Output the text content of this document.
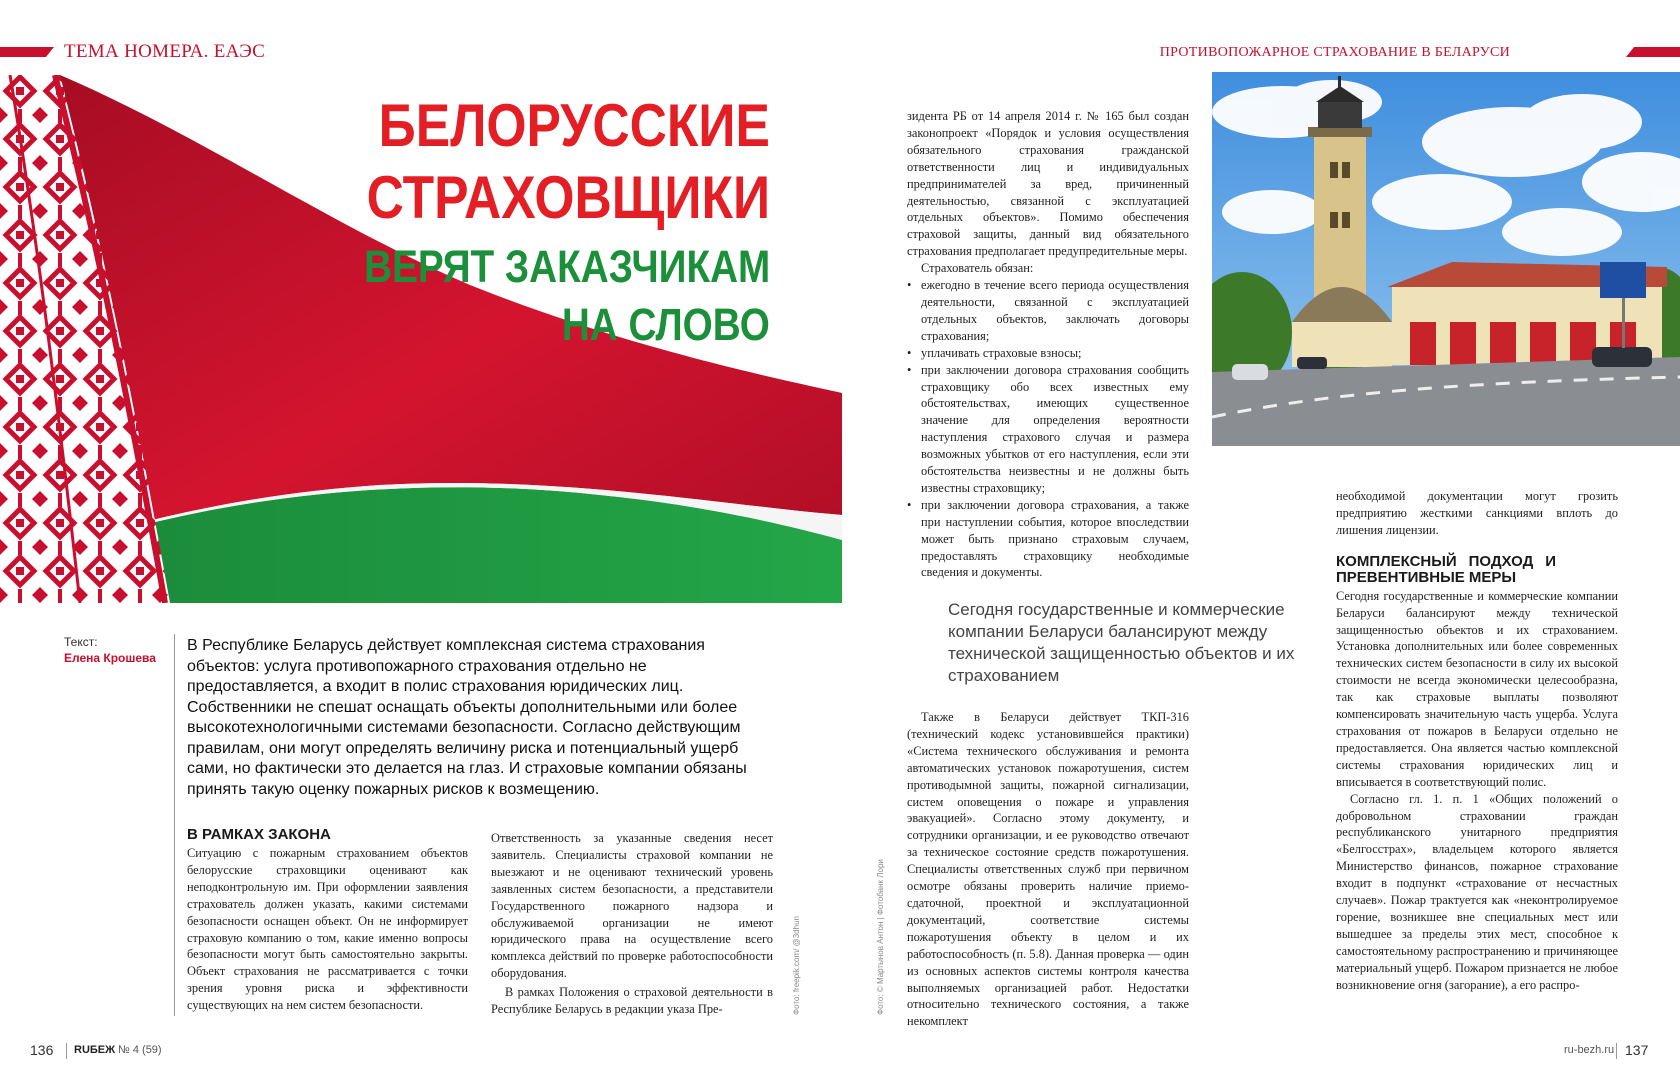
ТЕМА НОМЕРА. ЕАЭС	ПРОТИВОПОЖАРНОЕ СТРАХОВАНИЕ В БЕЛАРУСИ
БЕЛОРУССКИЕ
СТРАХОВЩИКИ
ВЕРЯТ ЗАКАЗЧИКАМ
НА СЛОВО
Текст:
Елена Крошева
В Республике Беларусь действует комплексная система страхования объектов: услуга противопожарного страхования отдельно не предоставляется, а входит в полис страхования юридических лиц. Собственники не спешат оснащать объекты дополнительными или более высокотехнологичными системами безопасности. Согласно действующим правилам, они могут определять величину риска и потенциальный ущерб сами, но фактически это делается на глаз. И страховые компании обязаны принять такую оценку пожарных рисков к возмещению.
В РАМКАХ ЗАКОНА

Ситуацию с пожарным страхованием объектов белорусские страховщики оценивают как неподконтрольную им. При оформлении заявления страхователь должен указать, какими системами безопасности оснащен объект. Он не информирует страховую компанию о том, какие именно вопросы безопасности могут быть самостоятельно закрыты. Объект страхования не рассматривается с точки зрения уровня риска и эффективности существующих на нем систем безопасности.

Ответственность за указанные сведения несет заявитель. Специалисты страховой компании не выезжают и не оценивают технический уровень заявленных систем безопасности, а представители Государственного пожарного надзора и обслуживаемой организации не имеют юридического права на осуществление всего комплекса действий по проверке работоспособности оборудования.

В рамках Положения о страховой деятельности в Республике Беларусь в редакции указа Пре-	Фото: freepik.com/ @3dhun	Фото: © Мартынов Антон | Фотобанк Лори

зидента РБ от 14 апреля 2014 г. № 165 был создан законопроект «Порядок и условия осуществления обязательного страхования гражданской ответственности лиц и индивидуальных предпринимателей за вред, причиненный деятельностью, связанной с эксплуатацией отдельных объектов». Помимо обеспечения страховой защиты, данный вид обязательного страхования предполагает предупредительные меры.

Страхователь обязан:

• ежегодно в течение всего периода осуществления деятельности, связанной с эксплуатацией отдельных объектов, заключать договоры страхования;
• уплачивать страховые взносы;
• при заключении договора страхования сообщить страховщику обо всех известных ему обстоятельствах, имеющих существенное значение для определения вероятности наступления страхового случая и размера возможных убытков от его наступления, если эти обстоятельства неизвестны и не должны быть известны страховщику;
• при заключении договора страхования, а также при наступлении события, которое впоследствии может быть признано страховым случаем, предоставлять страховщику необходимые сведения и документы.
Сегодня государственные и коммерческие компании Беларуси балансируют между технической защищенностью объектов и их страхованием

Также в Беларуси действует ТКП-316 (технический кодекс установившейся практики) «Система технического обслуживания и ремонта автоматических установок пожаротушения, систем противодымной защиты, пожарной сигнализации, систем оповещения о пожаре и управления эвакуацией». Согласно этому документу, и сотрудники организации, и ее руководство отвечают за техническое состояние средств пожаротушения. Специалисты ответственных служб при первичном осмотре обязаны проверить наличие приемо-сдаточной, проектной и эксплуатационной документаций, соответствие системы пожаротушения объекту в целом и их работоспособность (п. 5.8). Данная проверка — один из основных аспектов системы контроля качества выполняемых организацией работ. Недостатки относительно технического состояния, а также некомплект

необходимой документации могут грозить предприятию жесткими санкциями вплоть до лишения лицензии.

КОМПЛЕКСНЫЙ ПОДХОД И ПРЕВЕНТИВНЫЕ МЕРЫ

Сегодня государственные и коммерческие компании Беларуси балансируют между технической защищенностью объектов и их страхованием. Установка дополнительных или более современных технических систем безопасности в силу их высокой стоимости не всегда экономически целесообразна, так как страховые выплаты позволяют компенсировать значительную часть ущерба. Услуга страхования от пожаров в Беларуси отдельно не предоставляется. Она является частью комплексной системы страхования юридических лиц и вписывается в соответствующий полис.

Согласно гл. 1. п. 1 «Общих положений о добровольном страховании граждан республиканского унитарного предприятия «Белгосстрах», владельцем которого является Министерство финансов, пожарное страхование входит в подпункт «страхование от несчастных случаев». Пожар трактуется как «неконтролируемое горение, возникшее вне специальных мест или вышедшее за пределы этих мест, способное к самостоятельному распространению и причиняющее материальный ущерб. Пожаром признается не любое возникновение огня (загорание), а его распро-

136 RUБЕЖ № 4 (59)	ru-bezh.ru 137
